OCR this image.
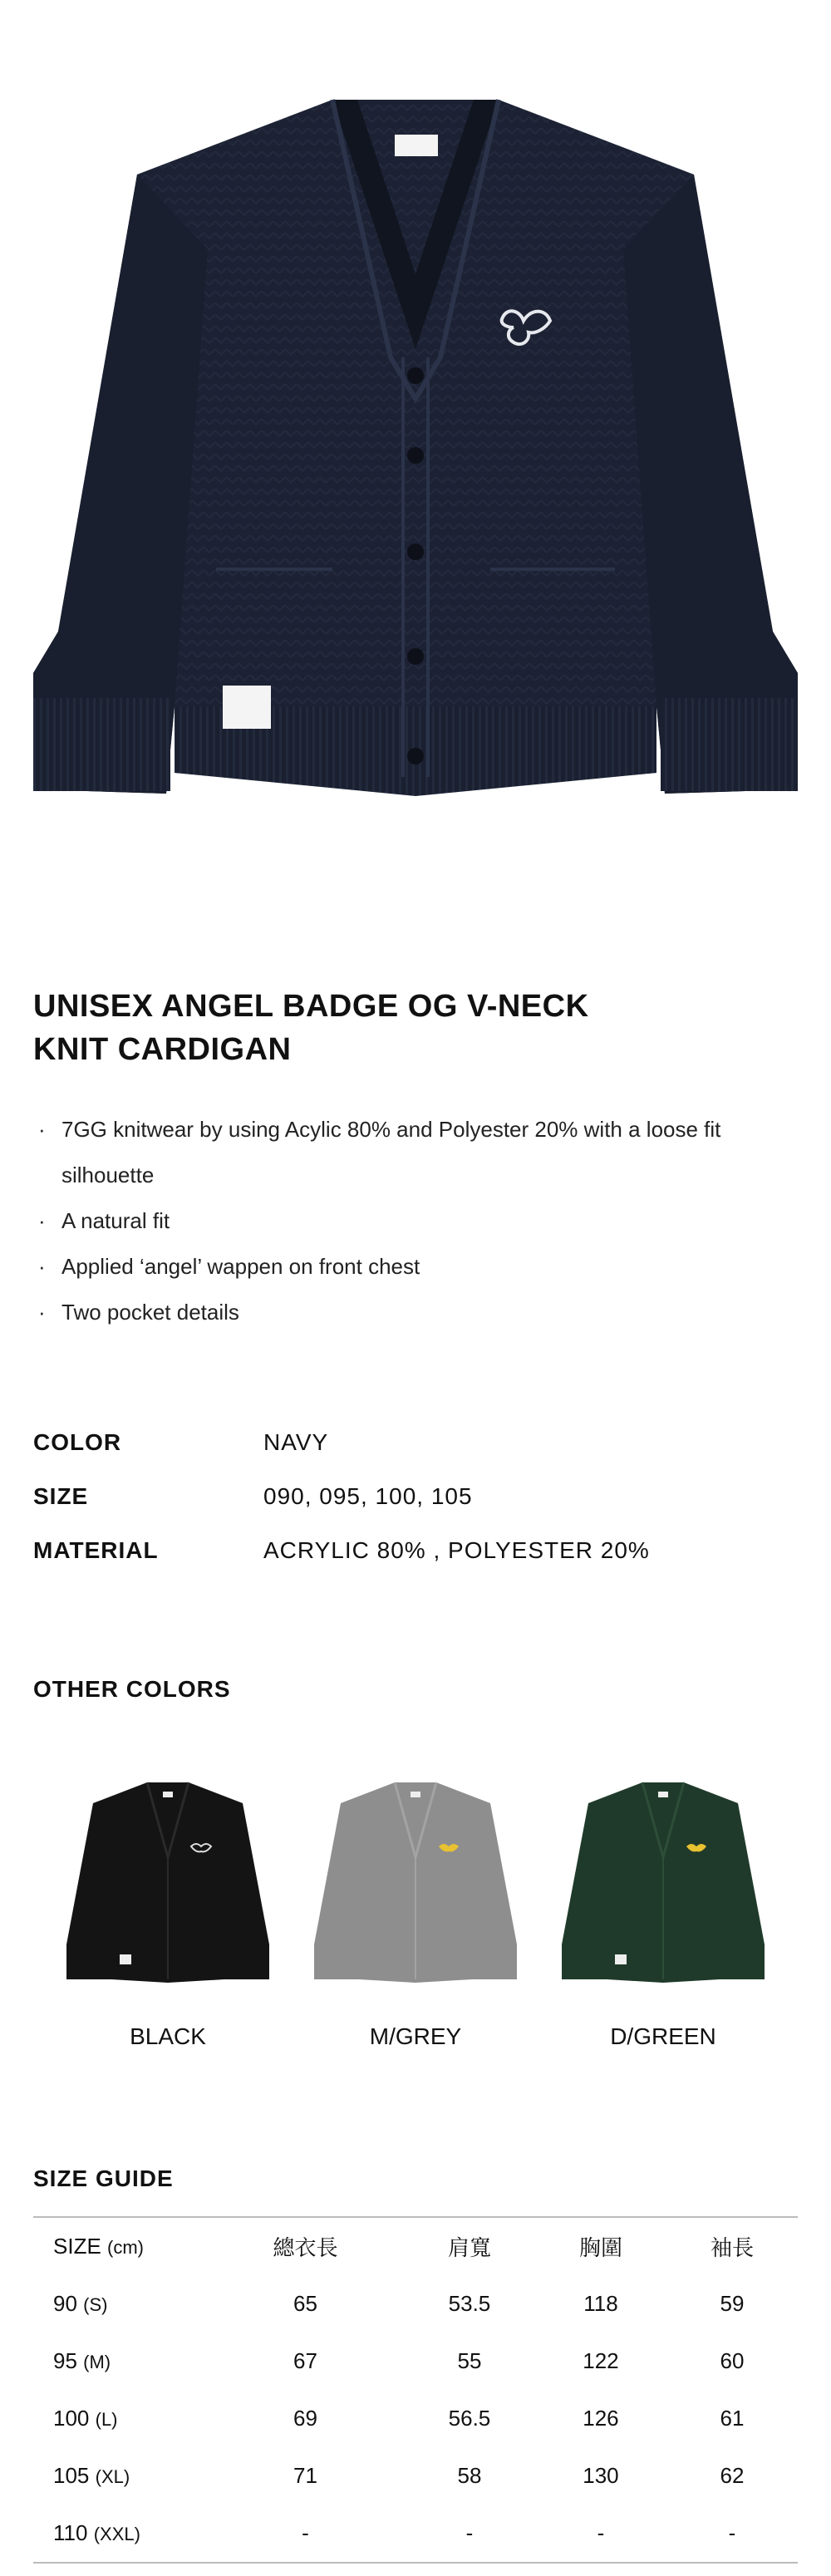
UNISEX ANGEL BADGE OG V-NECK
KNIT CARDIGAN
· 7GG knitwear by using Acylic 80% and Polyester 20% with a loose fit silhouette
· A natural fit
· Applied ‘angel’ wappen on front chest
· Two pocket details
COLOR	NAVY
SIZE	090, 095, 100, 105
MATERIAL	ACRYLIC 80% , POLYESTER 20%
OTHER COLORS
BLACK	M/GREY	D/GREEN
SIZE GUIDE
SIZE (cm)	總衣長	肩寬	胸圍	袖長
90 (S)	65	53.5	118	59
95 (M)	67	55	122	60
100 (L)	69	56.5	126	61
105 (XL)	71	58	130	62
110 (XXL)	-	-	-	-
